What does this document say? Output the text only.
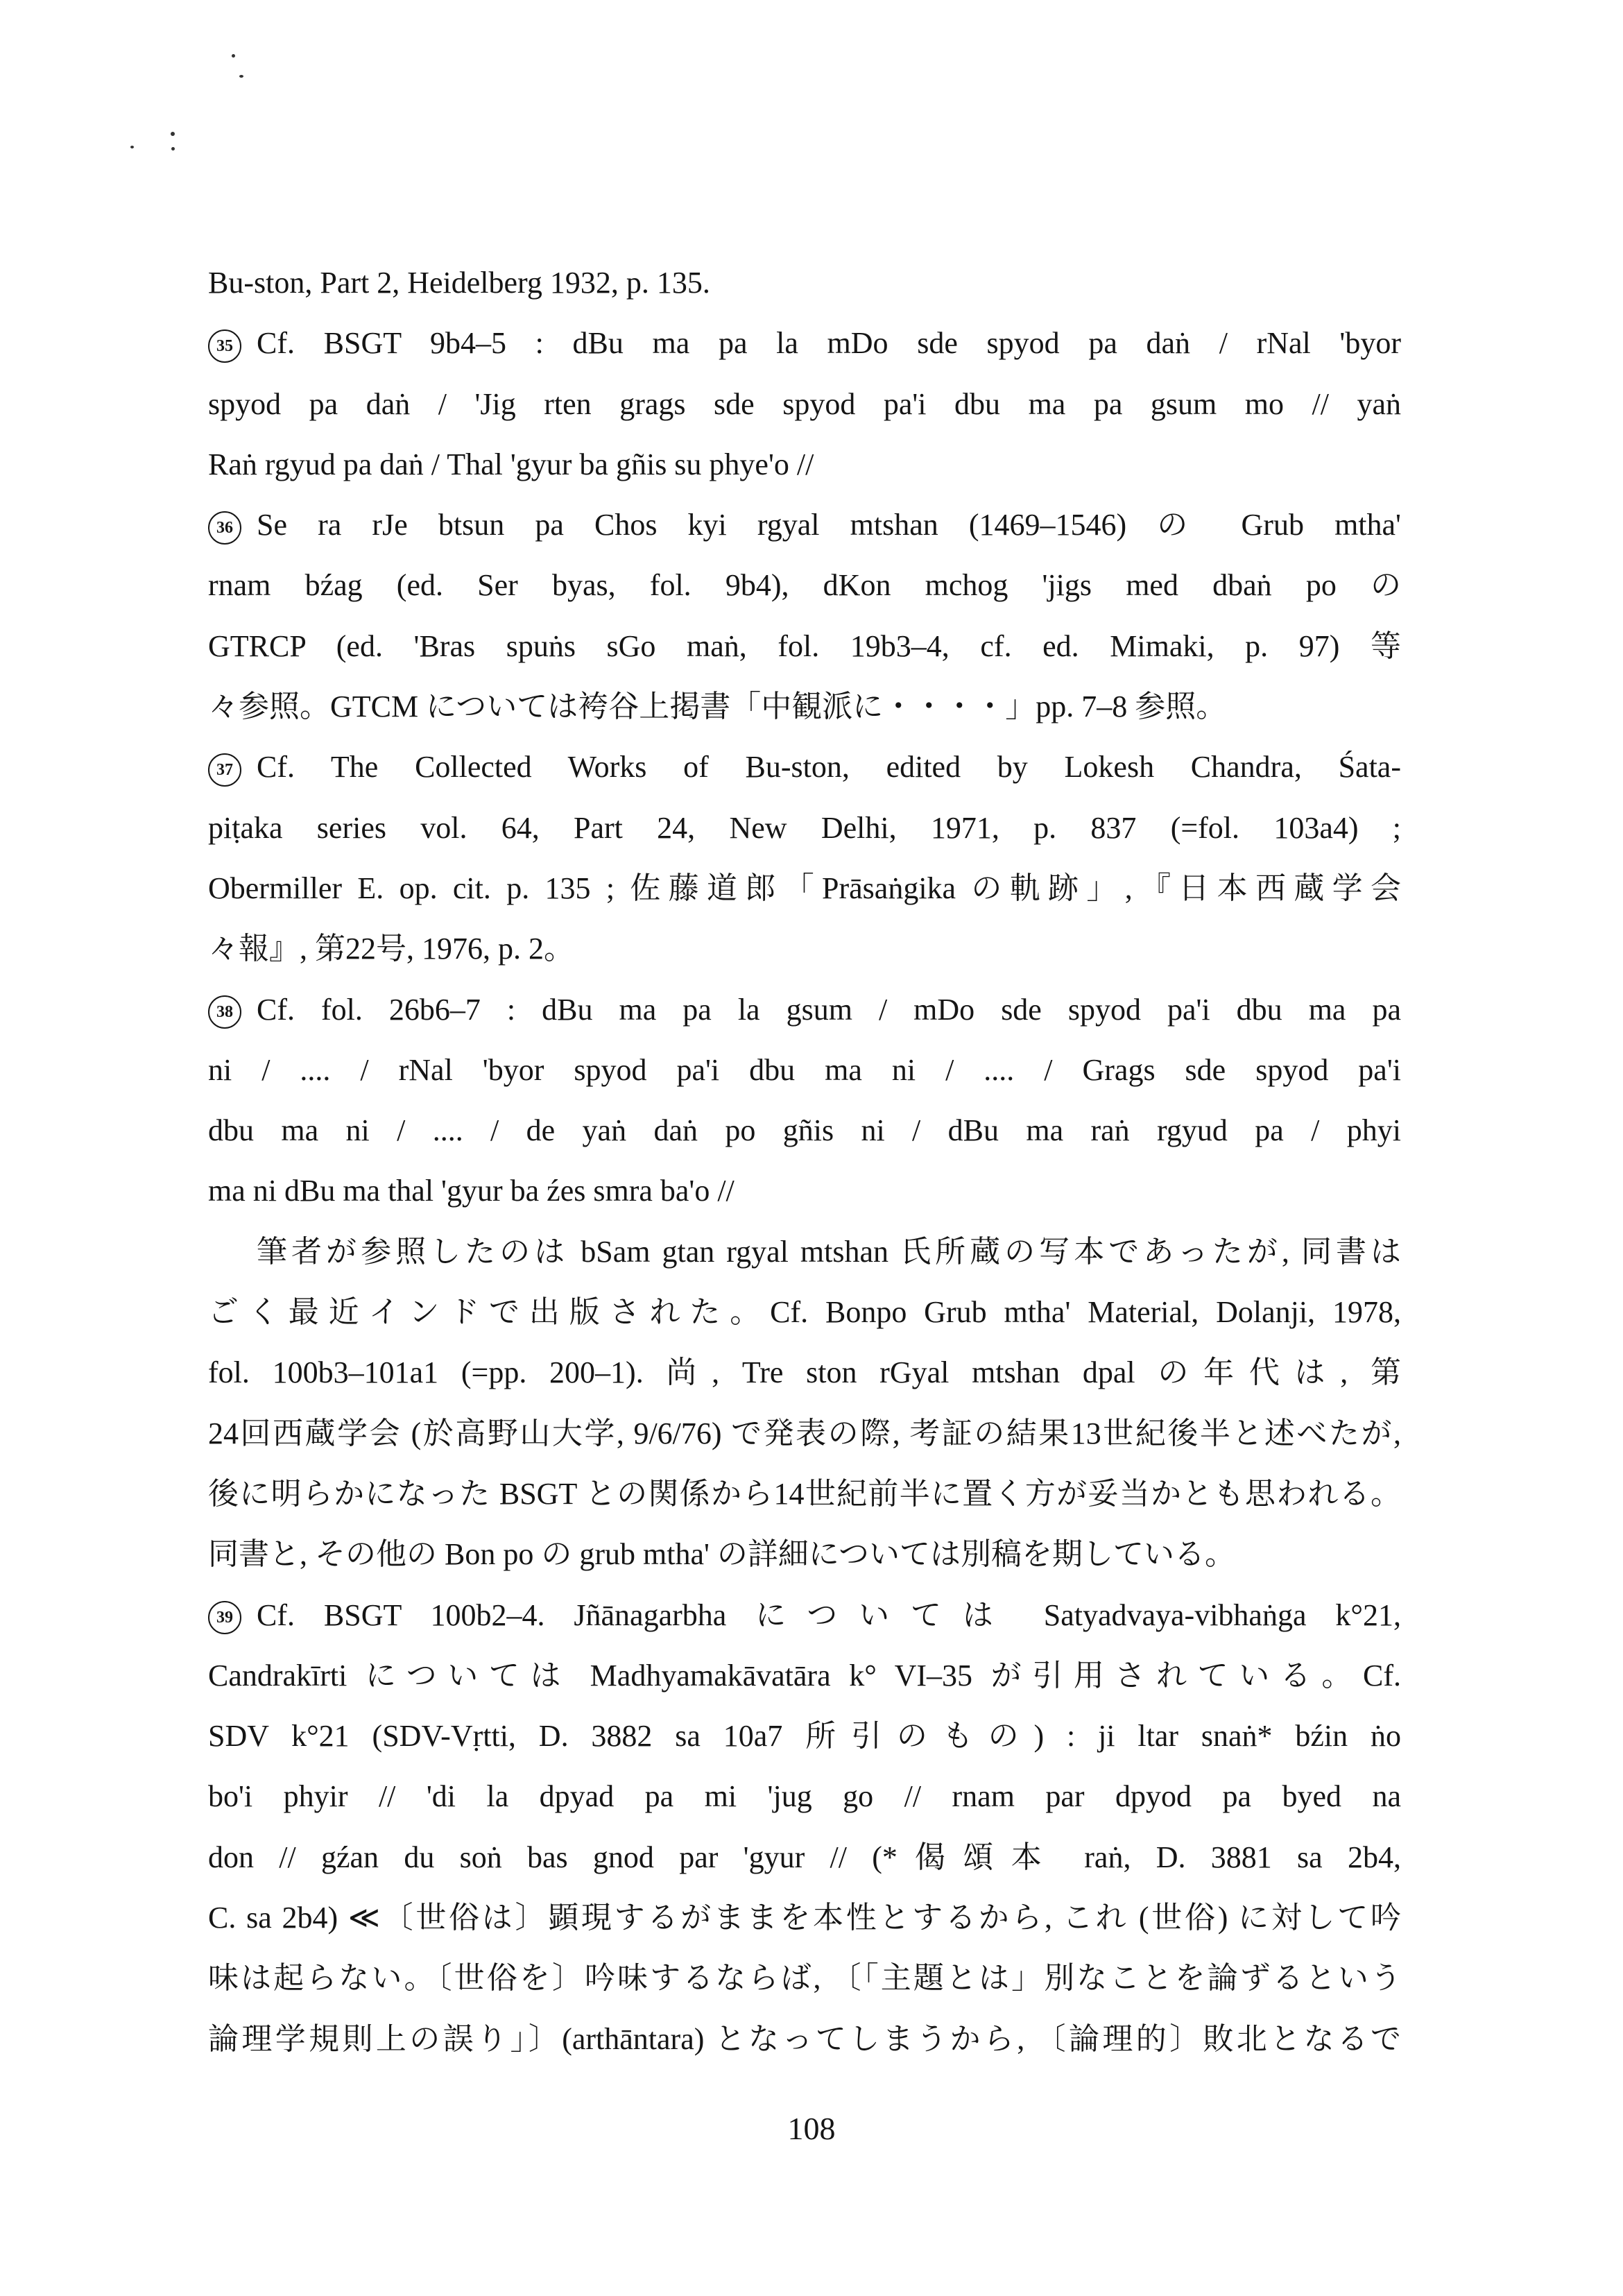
Bu-ston, Part 2, Heidelberg 1932, p. 135.
35 Cf. BSGT 9b4–5 : dBu ma pa la mDo sde spyod pa daṅ / rNal 'byor
spyod pa daṅ / 'Jig rten grags sde spyod pa'i dbu ma pa gsum mo // yaṅ
Raṅ rgyud pa daṅ / Thal 'gyur ba gñis su phye'o //
36 Se ra rJe btsun pa Chos kyi rgyal mtshan (1469–1546) の Grub mtha'
rnam bźag (ed. Ser byas, fol. 9b4), dKon mchog 'jigs med dbaṅ po の
GTRCP (ed. 'Bras spuṅs sGo maṅ, fol. 19b3–4, cf. ed. Mimaki, p. 97) 等
々参照。GTCM については袴谷上掲書「中観派に・・・・」pp. 7–8 参照。
37 Cf. The Collected Works of Bu-ston, edited by Lokesh Chandra, Śata-
piṭaka series vol. 64, Part 24, New Delhi, 1971, p. 837 (=fol. 103a4) ;
Obermiller E. op. cit. p. 135 ; 佐藤道郎「Prāsaṅgika の軌跡」,『日本西蔵学会
々報』, 第22号, 1976, p. 2。
38 Cf. fol. 26b6–7 : dBu ma pa la gsum / mDo sde spyod pa'i dbu ma pa
ni / .... / rNal 'byor spyod pa'i dbu ma ni / .... / Grags sde spyod pa'i
dbu ma ni / .... / de yaṅ daṅ po gñis ni / dBu ma raṅ rgyud pa / phyi
ma ni dBu ma thal 'gyur ba źes smra ba'o //
筆者が参照したのは bSam gtan rgyal mtshan 氏所蔵の写本であったが, 同書は
ごく最近インドで出版された。Cf. Bonpo Grub mtha' Material, Dolanji, 1978,
fol. 100b3–101a1 (=pp. 200–1). 尚, Tre ston rGyal mtshan dpal の年代は, 第
24回西蔵学会 (於高野山大学, 9/6/76) で発表の際, 考証の結果13世紀後半と述べたが,
後に明らかになった BSGT との関係から14世紀前半に置く方が妥当かとも思われる。
同書と, その他の Bon po の grub mtha' の詳細については別稿を期している。
39 Cf. BSGT 100b2–4. Jñānagarbha については Satyadvaya-vibhaṅga k°21,
Candrakīrti については Madhyamakāvatāra k° VI–35 が引用されている。Cf.
SDV k°21 (SDV-Vṛtti, D. 3882 sa 10a7 所引のもの) : ji ltar snaṅ* bźin ṅo
bo'i phyir // 'di la dpyad pa mi 'jug go // rnam par dpyod pa byed na
don // gźan du soṅ bas gnod par 'gyur // (*偈頌本 raṅ, D. 3881 sa 2b4,
C. sa 2b4) ≪〔世俗は〕顕現するがままを本性とするから, これ (世俗) に対して吟
味は起らない。〔世俗を〕吟味するならば, 〔「主題とは」別なことを論ずるという
論理学規則上の誤り」〕(arthāntara) となってしまうから, 〔論理的〕敗北となるで
108
